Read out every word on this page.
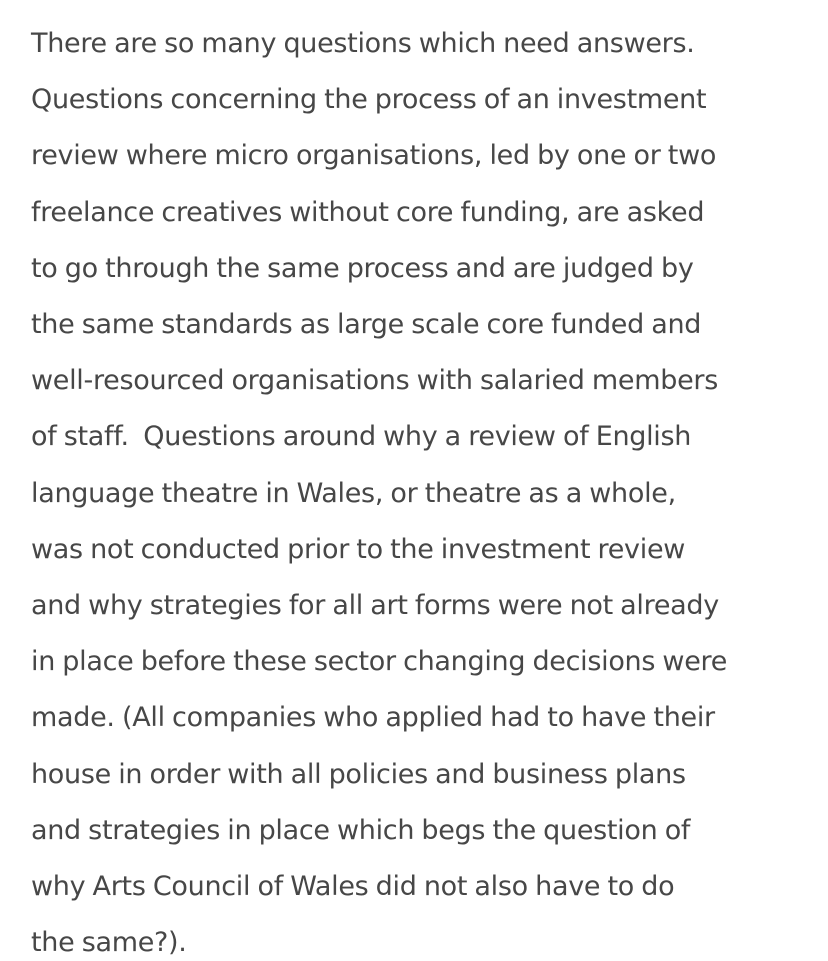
There are so many questions which need answers.
Questions concerning the process of an investment
review where micro organisations, led by one or two
freelance creatives without core funding, are asked
to go through the same process and are judged by
the same standards as large scale core funded and
well-resourced organisations with salaried members
of staff.  Questions around why a review of English
language theatre in Wales, or theatre as a whole,
was not conducted prior to the investment review
and why strategies for all art forms were not already
in place before these sector changing decisions were
made. (All companies who applied had to have their
house in order with all policies and business plans
and strategies in place which begs the question of
why Arts Council of Wales did not also have to do
the same?).
